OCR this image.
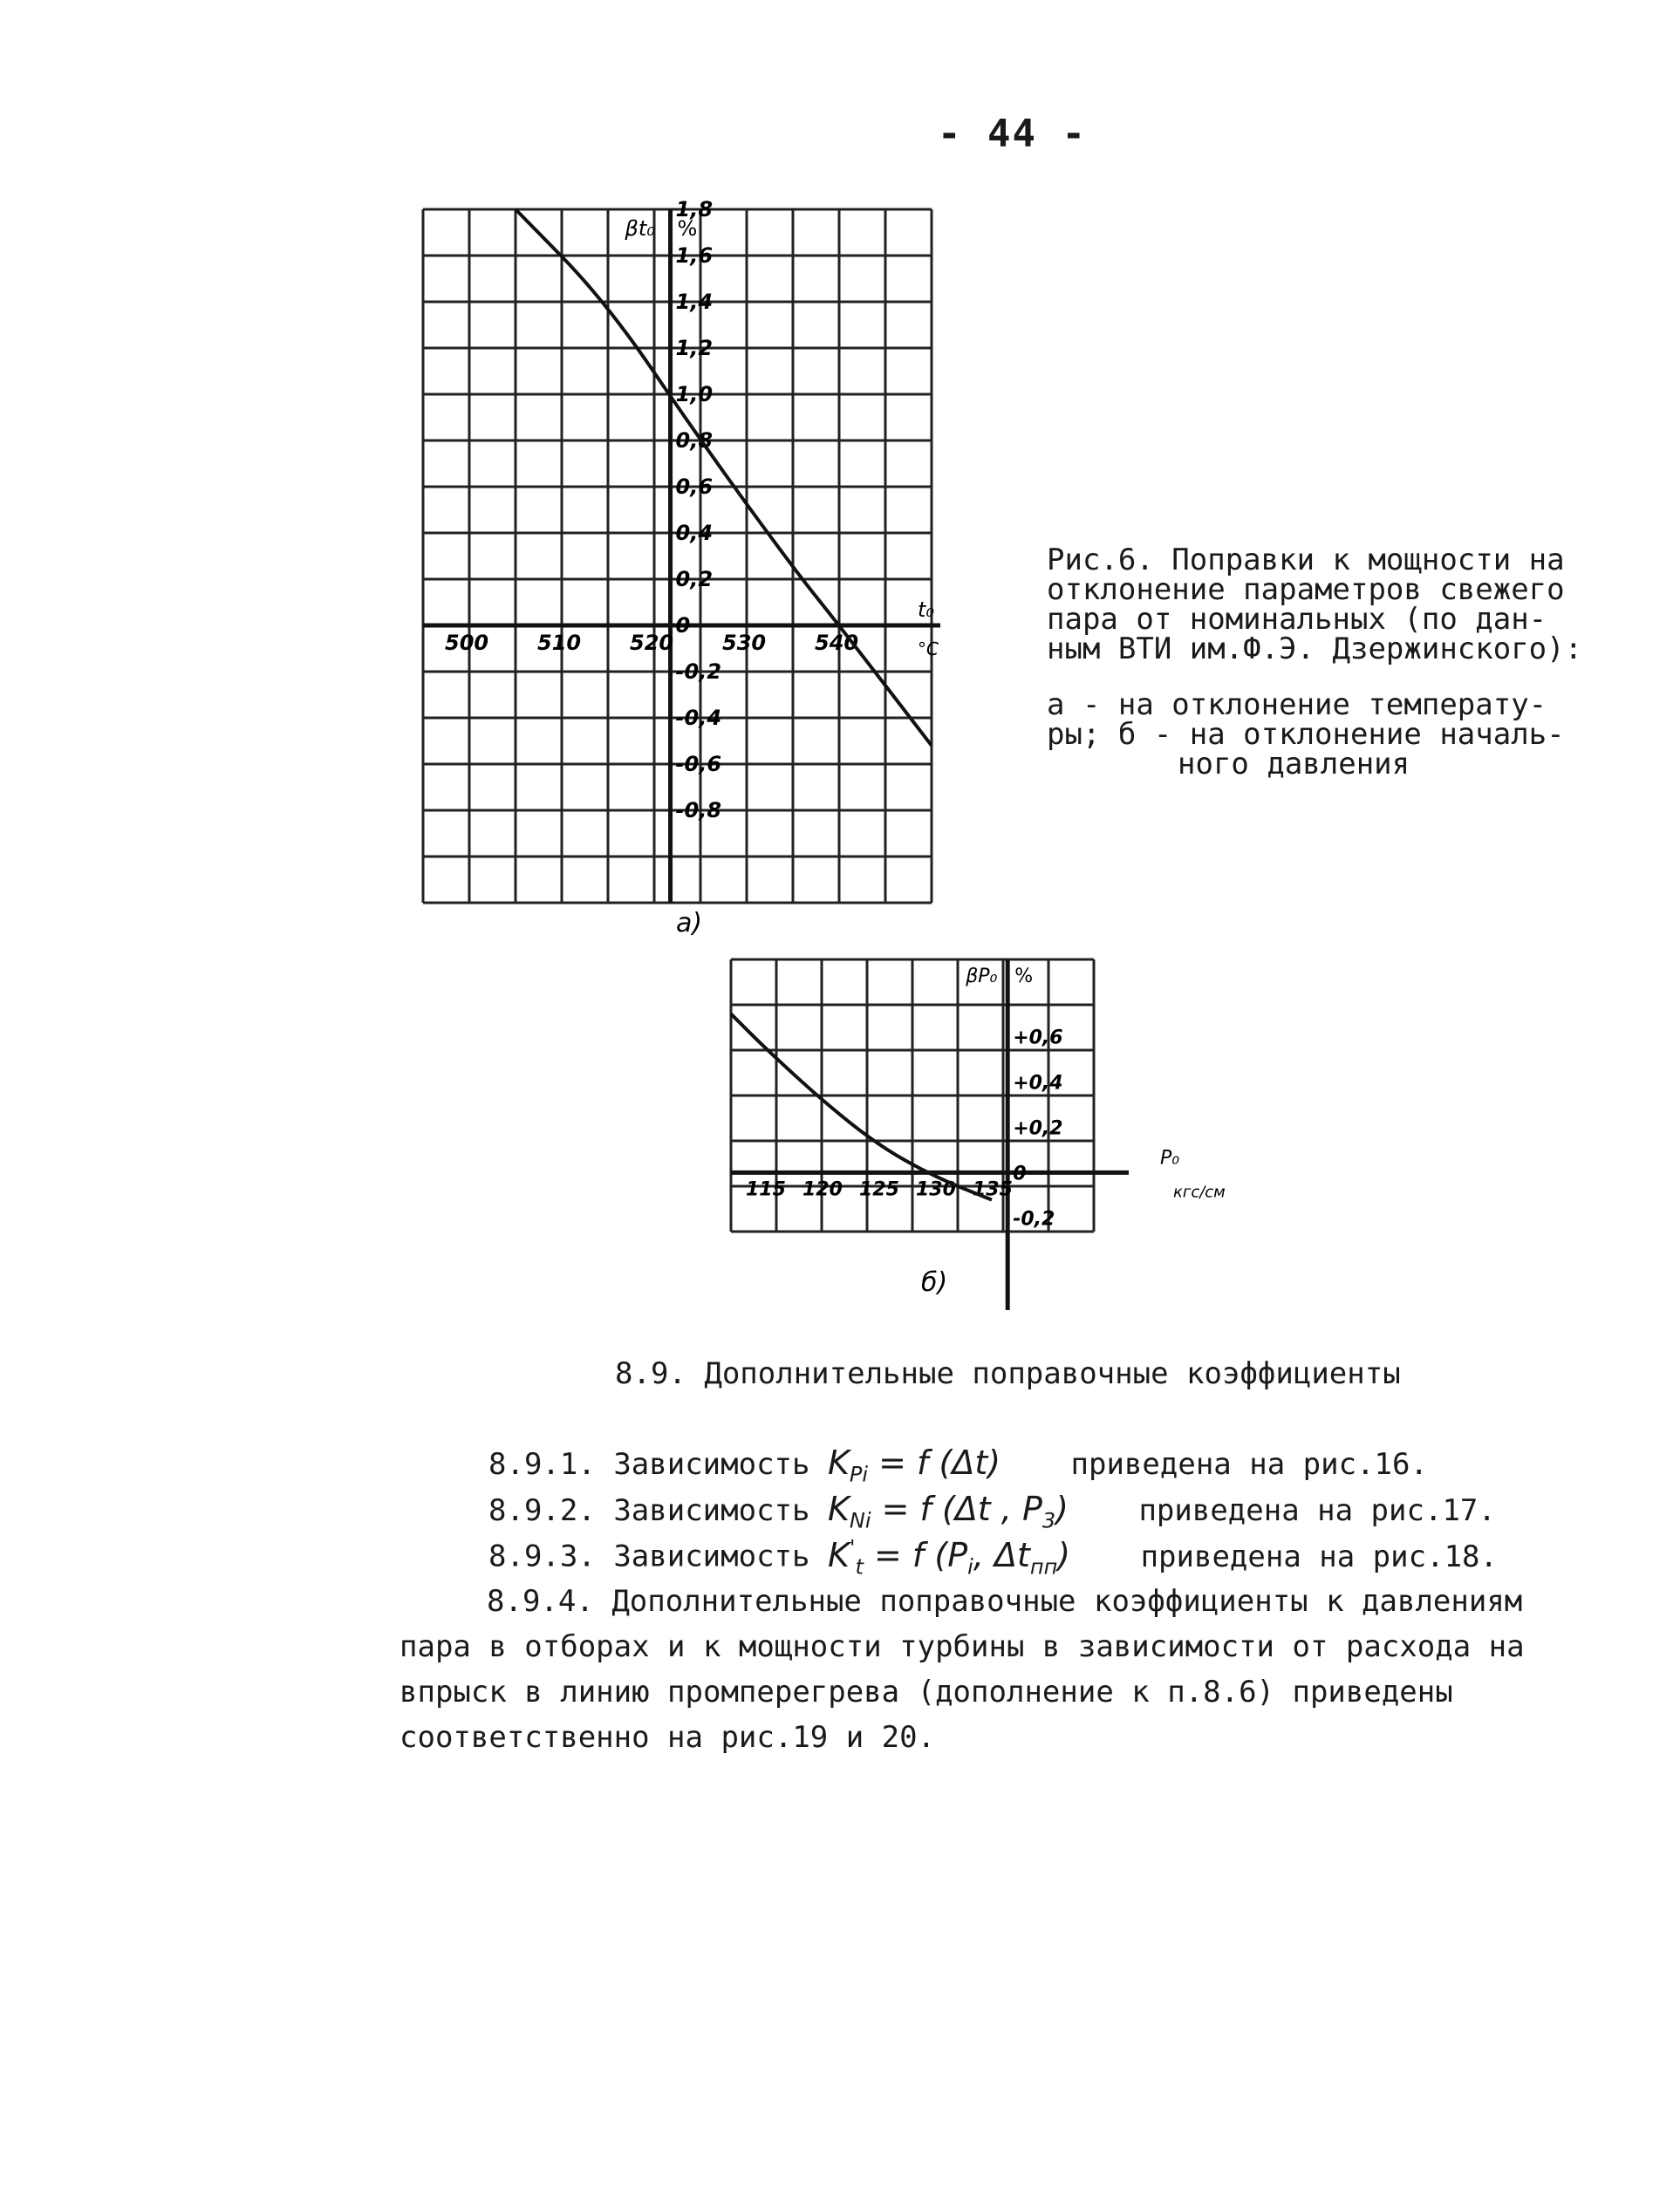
- 44 -
500 510 520 530 540
1,8
1,6
1,4
1,2
1,0
0,8
0,6
0,4
0,2
0
-0,2
-0,4
-0,6
-0,8
βt₀ %
t₀
°C
а)
115 120 125 130 135
+0,6
+0,4
+0,2
0
-0,2
βP₀ %
P₀
кгс/см
б)

Рис.6. Поправки к мощности на

отклонение параметров свежего

пара от номинальных (по дан-

ным ВТИ им.Ф.Э. Дзержинского):

а - на отклонение температу-

ры; б - на отклонение началь-

ного давления

8.9. Дополнительные поправочные коэффициенты
8.9.1. Зависимость $K_{Pi} = f$ (Δt) приведена на рис.16.
8.9.2. Зависимость $K_{Ni} = f$ (Δt , $P_3$) приведена на рис.17.
8.9.3. Зависимость $K'_t = f$ ($P_i$, $\Delta t_{пп}$) приведена на рис.18.
8.9.4. Дополнительные поправочные коэффициенты к давлениям пара в отборах и к мощности турбины в зависимости от расхода на впрыск в линию промперегрева (дополнение к п.8.6) приведены соответственно на рис.19 и 20.
